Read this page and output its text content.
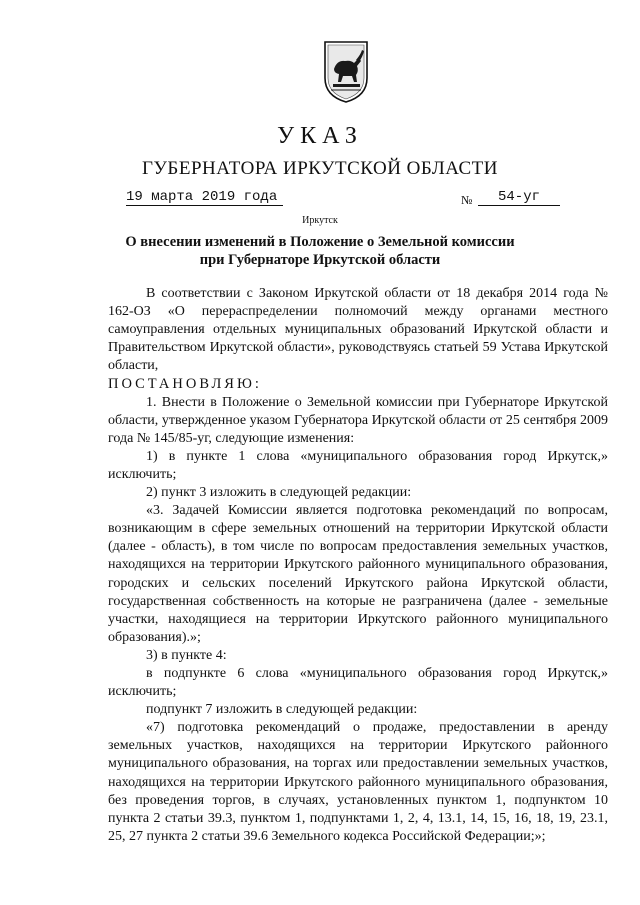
УКАЗ
ГУБЕРНАТОРА ИРКУТСКОЙ ОБЛАСТИ
19 марта 2019 года	№	54-уг
Иркутск
О внесении изменений в Положение о Земельной комиссии
при Губернаторе Иркутской области

В соответствии с Законом Иркутской области от 18 декабря 2014 года № 162-ОЗ «О перераспределении полномочий между органами местного самоуправления отдельных муниципальных образований Иркутской области и Правительством Иркутской области», руководствуясь статьей 59 Устава Иркутской области,

ПОСТАНОВЛЯЮ:

1. Внести в Положение о Земельной комиссии при Губернаторе Иркутской области, утвержденное указом Губернатора Иркутской области от 25 сентября 2009 года № 145/85-уг, следующие изменения:

1) в пункте 1 слова «муниципального образования город Иркутск,» исключить;

2) пункт 3 изложить в следующей редакции:

«3. Задачей Комиссии является подготовка рекомендаций по вопросам, возникающим в сфере земельных отношений на территории Иркутской области (далее - область), в том числе по вопросам предоставления земельных участков, находящихся на территории Иркутского районного муниципального образования, городских и сельских поселений Иркутского района Иркутской области, государственная собственность на которые не разграничена (далее - земельные участки, находящиеся на территории Иркутского районного муниципального образования).»;

3) в пункте 4:

в подпункте 6 слова «муниципального образования город Иркутск,» исключить;

подпункт 7 изложить в следующей редакции:

«7) подготовка рекомендаций о продаже, предоставлении в аренду земельных участков, находящихся на территории Иркутского районного муниципального образования, на торгах или предоставлении земельных участков, находящихся на территории Иркутского районного муниципального образования, без проведения торгов, в случаях, установленных пунктом 1, подпунктом 10 пункта 2 статьи 39.3, пунктом 1, подпунктами 1, 2, 4, 13.1, 14, 15, 16, 18, 19, 23.1, 25, 27 пункта 2 статьи 39.6 Земельного кодекса Российской Федерации;»;
